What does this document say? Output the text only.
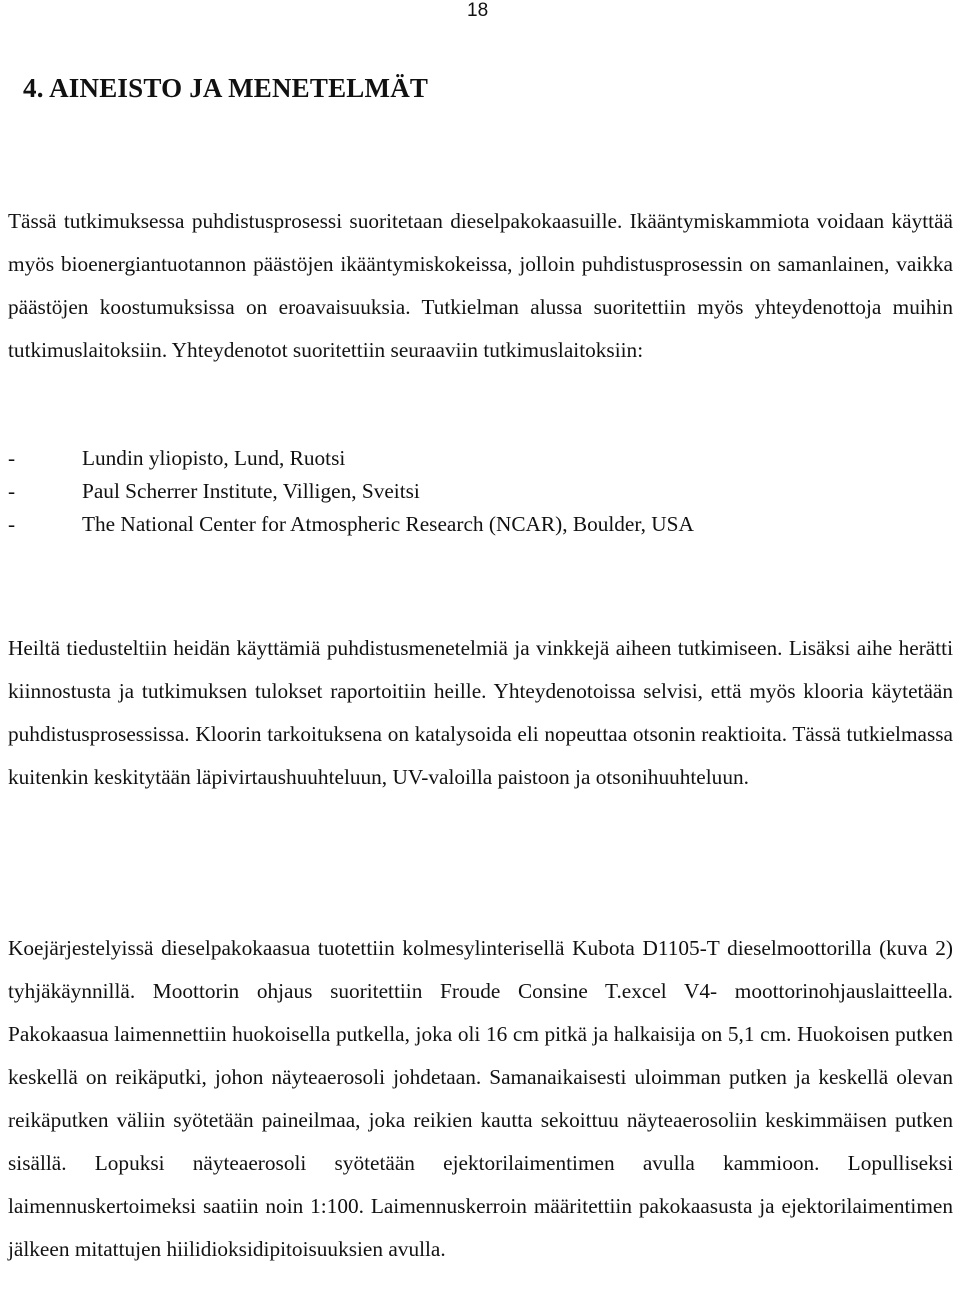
18
4. AINEISTO JA MENETELMÄT

Tässä tutkimuksessa puhdistusprosessi suoritetaan dieselpakokaasuille. Ikääntymiskammiota voidaan käyttää myös bioenergiantuotannon päästöjen ikääntymiskokeissa, jolloin puhdistusprosessin on samanlainen, vaikka päästöjen koostumuksissa on eroavaisuuksia. Tutkielman alussa suoritettiin myös yhteydenottoja muihin tutkimuslaitoksiin. Yhteydenotot suoritettiin seuraaviin tutkimuslaitoksiin:

-	Lundin yliopisto, Lund, Ruotsi
-	Paul Scherrer Institute, Villigen, Sveitsi
-	The National Center for Atmospheric Research (NCAR), Boulder, USA

Heiltä tiedusteltiin heidän käyttämiä puhdistusmenetelmiä ja vinkkejä aiheen tutkimiseen. Lisäksi aihe herätti kiinnostusta ja tutkimuksen tulokset raportoitiin heille. Yhteydenotoissa selvisi, että myös klooria käytetään puhdistusprosessissa. Kloorin tarkoituksena on katalysoida eli nopeuttaa otsonin reaktioita. Tässä tutkielmassa kuitenkin keskitytään läpivirtaushuuhteluun, UV-valoilla paistoon ja otsonihuuhteluun.

Koejärjestelyissä dieselpakokaasua tuotettiin kolmesylinterisellä Kubota D1105-T dieselmoottorilla (kuva 2) tyhjäkäynnillä. Moottorin ohjaus suoritettiin Froude Consine T.excel V4- moottorinohjauslaitteella. Pakokaasua laimennettiin huokoisella putkella, joka oli 16 cm pitkä ja halkaisija on 5,1 cm. Huokoisen putken keskellä on reikäputki, johon näyteaerosoli johdetaan. Samanaikaisesti uloimman putken ja keskellä olevan reikäputken väliin syötetään paineilmaa, joka reikien kautta sekoittuu näyteaerosoliin keskimmäisen putken sisällä. Lopuksi näyteaerosoli syötetään ejektorilaimentimen avulla kammioon. Lopulliseksi laimennuskertoimeksi saatiin noin 1:100. Laimennuskerroin määritettiin pakokaasusta ja ejektorilaimentimen jälkeen mitattujen hiilidioksidipitoisuuksien avulla.
